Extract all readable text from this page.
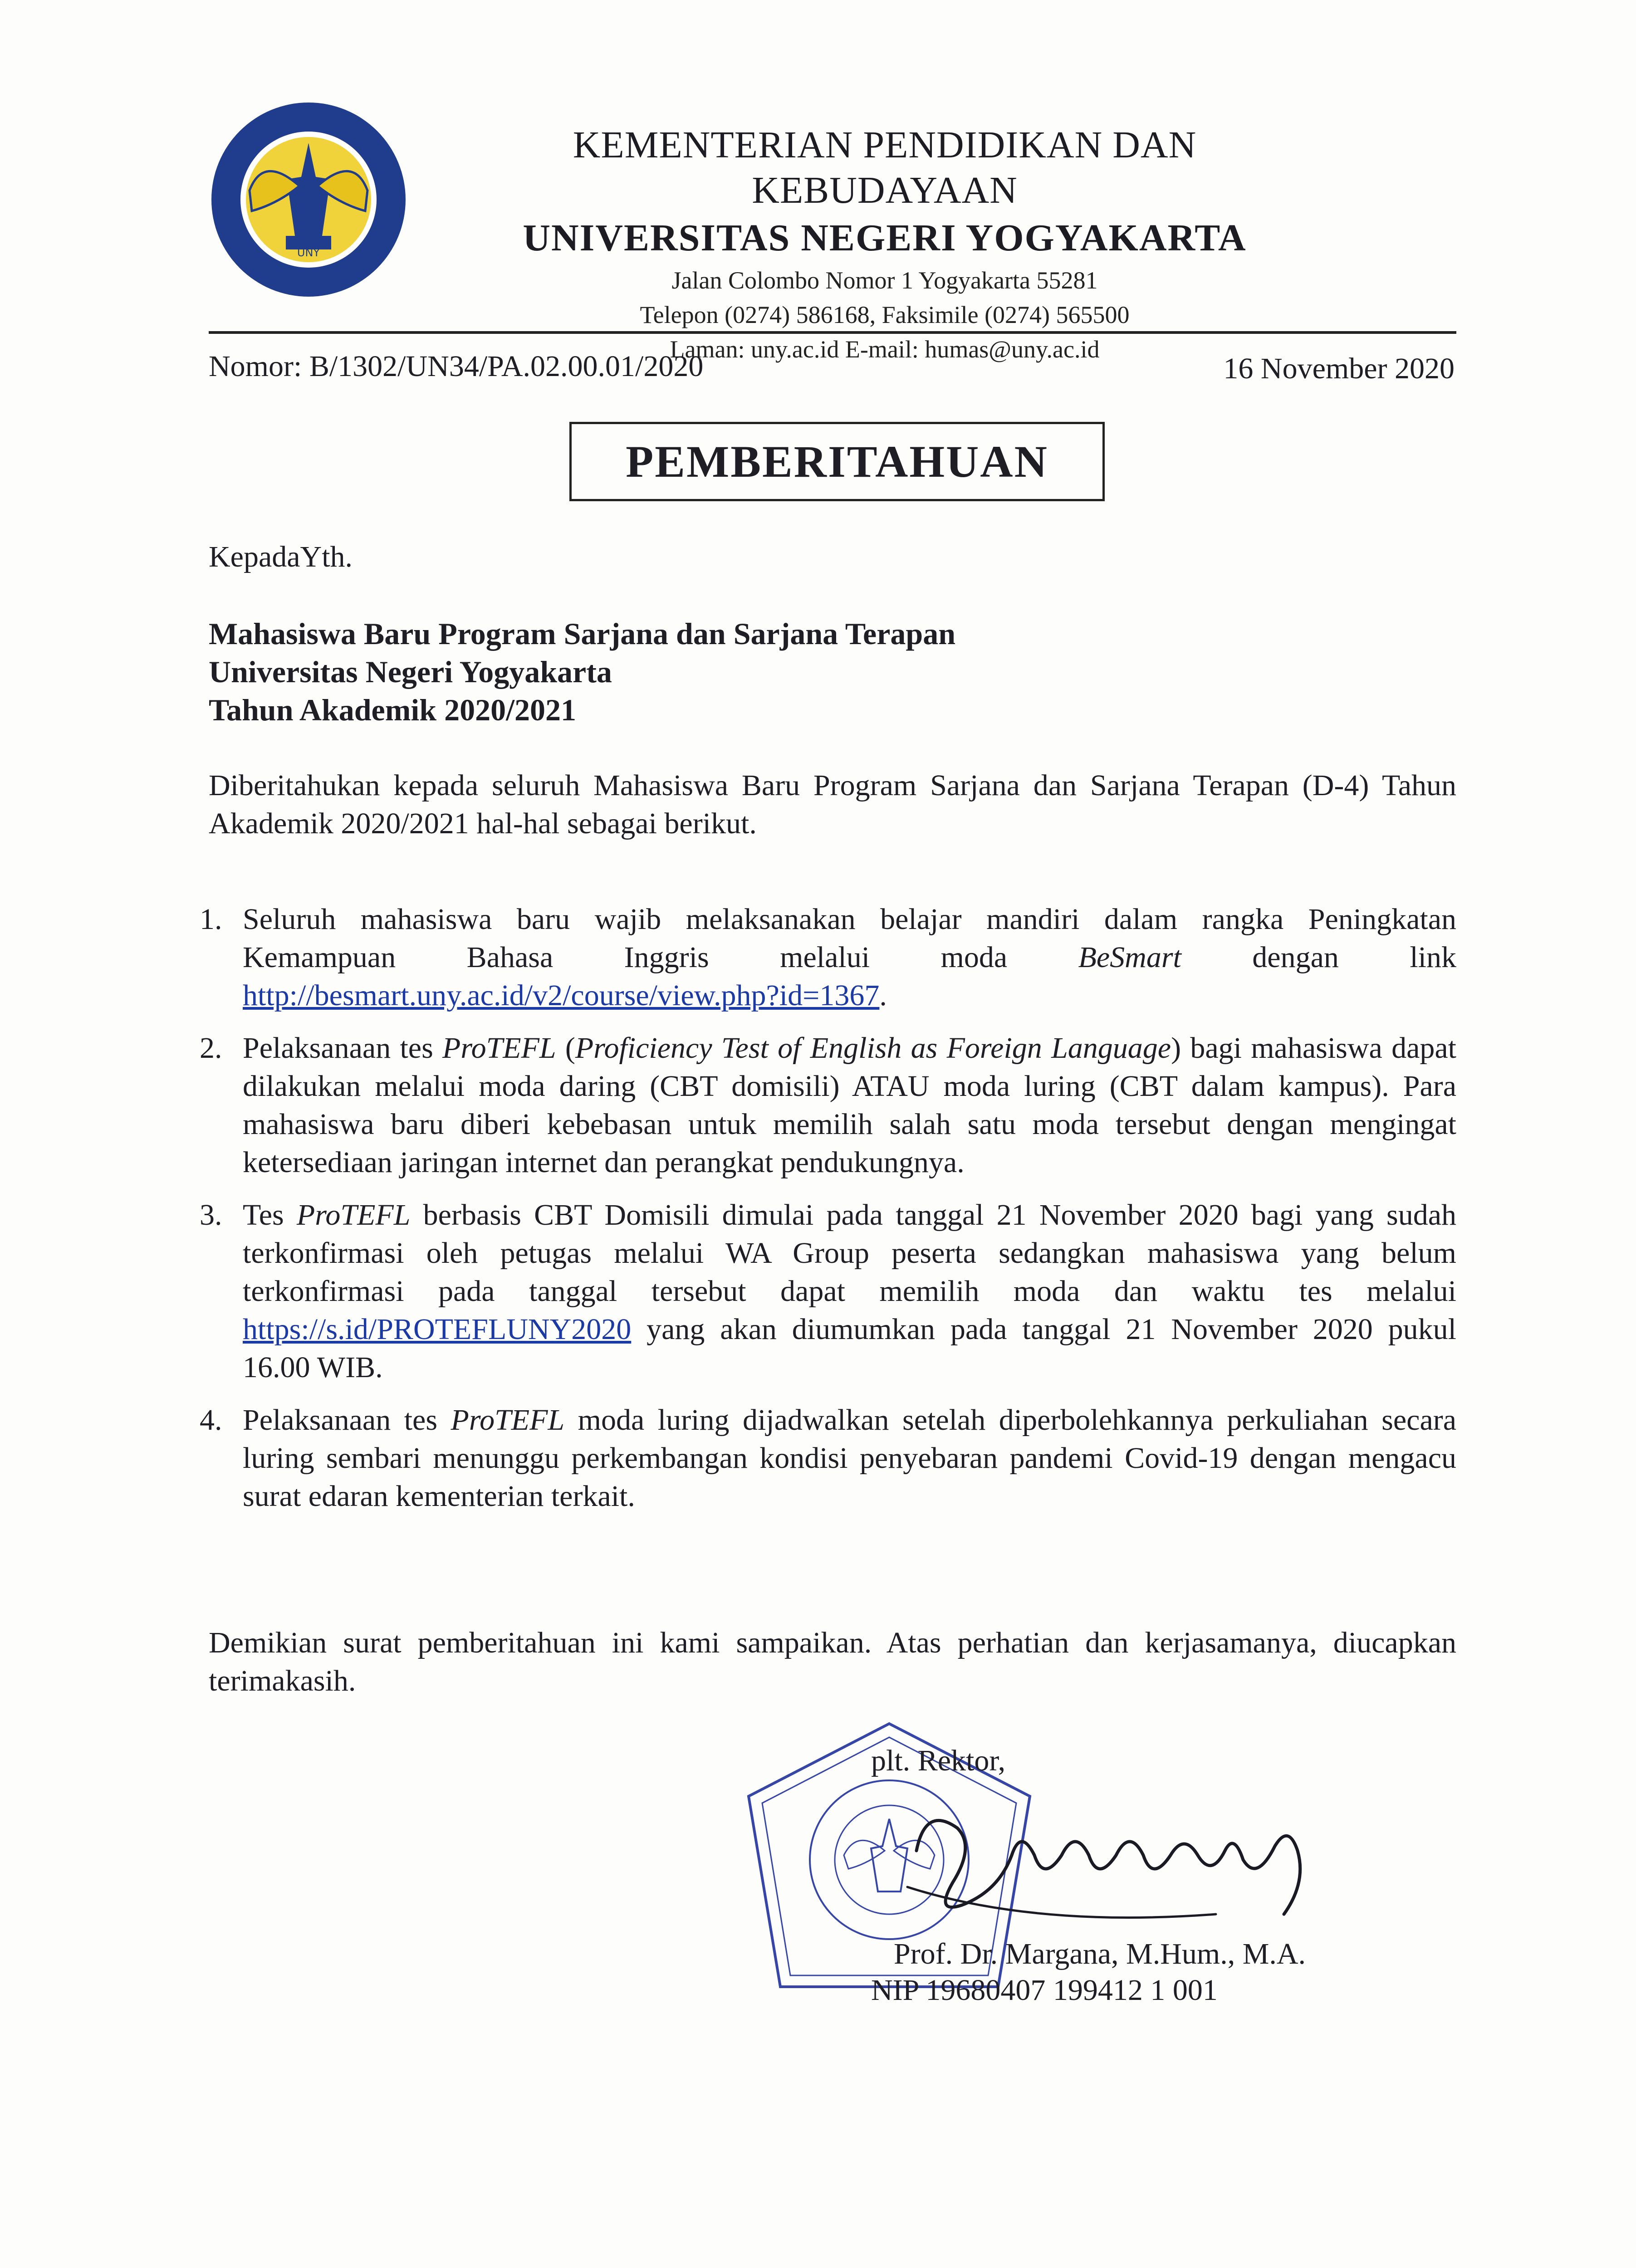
UNY
KEMENTERIAN PENDIDIKAN DAN KEBUDAYAAN
UNIVERSITAS NEGERI YOGYAKARTA
Jalan Colombo Nomor 1 Yogyakarta 55281
Telepon (0274) 586168, Faksimile (0274) 565500
Laman: uny.ac.id E-mail: humas@uny.ac.id
Nomor: B/1302/UN34/PA.02.00.01/2020	16 November 2020
PEMBERITAHUAN
KepadaYth.
Mahasiswa Baru Program Sarjana dan Sarjana Terapan
Universitas Negeri Yogyakarta
Tahun Akademik 2020/2021
Diberitahukan kepada seluruh Mahasiswa Baru Program Sarjana dan Sarjana Terapan (D-4) Tahun Akademik 2020/2021 hal-hal sebagai berikut.
1. Seluruh mahasiswa baru wajib melaksanakan belajar mandiri dalam rangka Peningkatan Kemampuan Bahasa Inggris melalui moda BeSmart dengan link http://besmart.uny.ac.id/v2/course/view.php?id=1367.
2. Pelaksanaan tes ProTEFL (Proficiency Test of English as Foreign Language) bagi mahasiswa dapat dilakukan melalui moda daring (CBT domisili) ATAU moda luring (CBT dalam kampus). Para mahasiswa baru diberi kebebasan untuk memilih salah satu moda tersebut dengan mengingat ketersediaan jaringan internet dan perangkat pendukungnya.
3. Tes ProTEFL berbasis CBT Domisili dimulai pada tanggal 21 November 2020 bagi yang sudah terkonfirmasi oleh petugas melalui WA Group peserta sedangkan mahasiswa yang belum terkonfirmasi pada tanggal tersebut dapat memilih moda dan waktu tes melalui https://s.id/PROTEFLUNY2020 yang akan diumumkan pada tanggal 21 November 2020 pukul 16.00 WIB.
4. Pelaksanaan tes ProTEFL moda luring dijadwalkan setelah diperbolehkannya perkuliahan secara luring sembari menunggu perkembangan kondisi penyebaran pandemi Covid-19 dengan mengacu surat edaran kementerian terkait.
Demikian surat pemberitahuan ini kami sampaikan. Atas perhatian dan kerjasamanya, diucapkan terimakasih.
plt. Rektor,
Prof. Dr. Margana, M.Hum., M.A.
NIP 19680407 199412 1 001
